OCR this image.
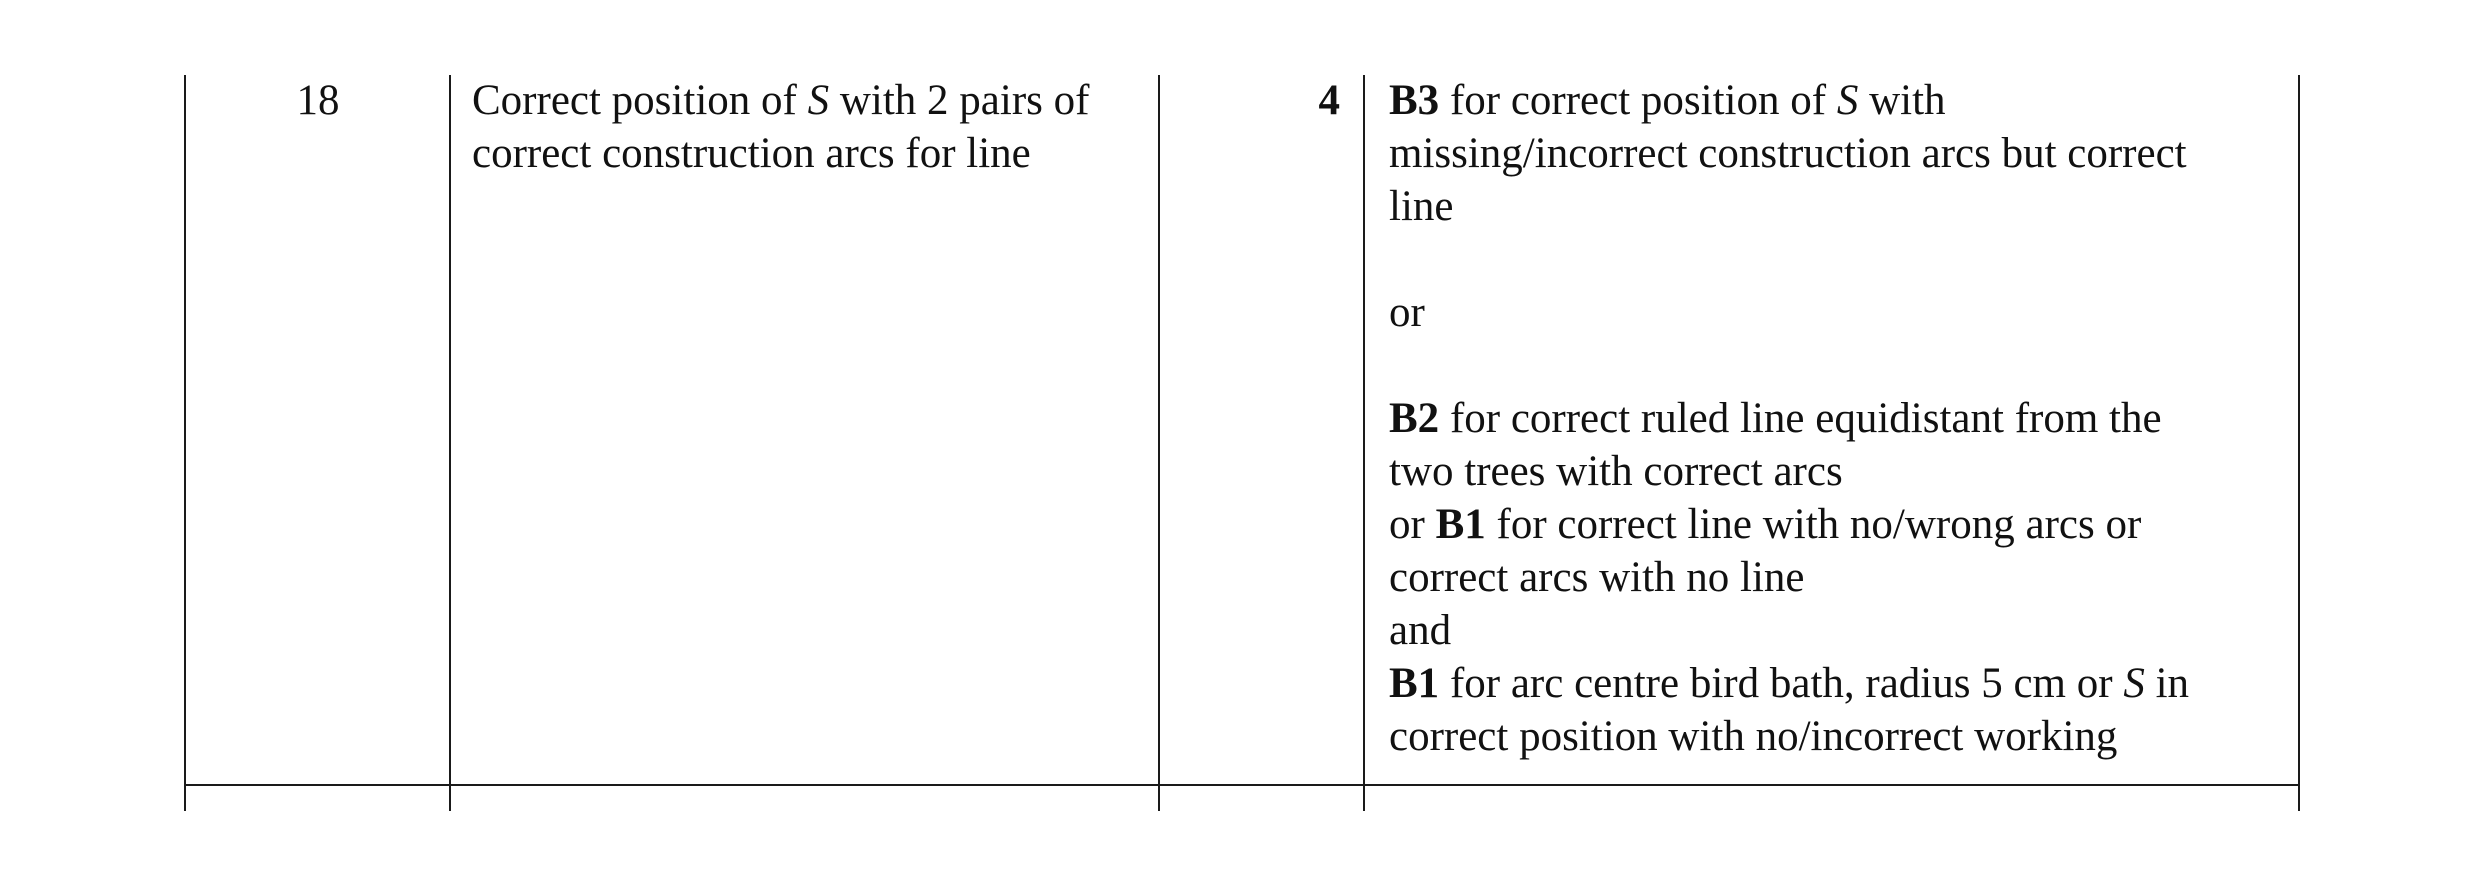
18	Correct position of S with 2 pairs of
correct construction arcs for line
4 B3 for correct position of S with
missing/incorrect construction arcs but correct
line
or
B2 for correct ruled line equidistant from the
two trees with correct arcs
or B1 for correct line with no/wrong arcs or
correct arcs with no line
and
B1 for arc centre bird bath, radius 5 cm or S in
correct position with no/incorrect working
